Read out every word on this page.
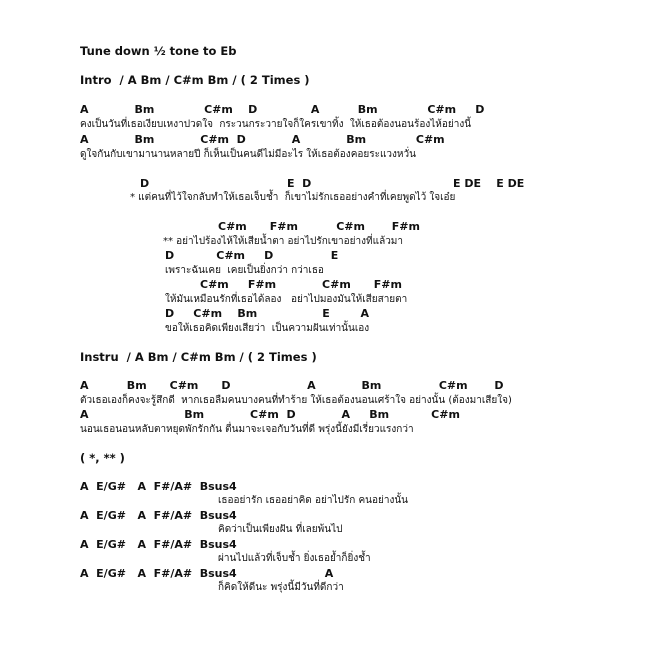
Tune down ½ tone to Eb
Intro  / A Bm / C#m Bm / ( 2 Times )
A            Bm             C#m    D              A          Bm             C#m     D
คงเป็นวันที่เธอเงียบเหงาปวดใจ  กระวนกระวายใจก็ใครเขาทิ้ง  ให้เธอต้องนอนร้องไห้อย่างนี้
A            Bm            C#m  D            A            Bm             C#m
ดูใจกันกับเขามานานหลายปี ก็เห็นเป็นคนดีไม่มีอะไร ให้เธอต้องคอยระแวงหวั่น
D                                    E  D                                     E DE    E DE
* แต่คนที่ไว้ใจกลับทำให้เธอเจ็บช้ำ  ก็เขาไม่รักเธออย่างคำที่เคยพูดไว้ ใจเอ๋ย
C#m      F#m          C#m       F#m
** อย่าไปร้องไห้ให้เสียน้ำตา อย่าไปรักเขาอย่างที่แล้วมา
D           C#m     D               E
เพราะฉันเคย  เคยเป็นยิ่งกว่า กว่าเธอ
C#m     F#m            C#m      F#m
ให้มันเหมือนรักที่เธอได้ลอง   อย่าไปมองมันให้เสียสายตา
D     C#m    Bm                 E        A
ขอให้เธอคิดเพียงเสียว่า  เป็นความฝันเท่านั้นเอง
Instru  / A Bm / C#m Bm / ( 2 Times )
A          Bm      C#m      D                    A            Bm               C#m       D
ตัวเธอเองก็คงจะรู้สึกดี  หากเธอลืมคนบางคนที่ทำร้าย ให้เธอต้องนอนเศร้าใจ อย่างนั้น (ต้องมาเสียใจ)
A                         Bm            C#m  D            A     Bm           C#m
นอนเธอนอนหลับตาหยุดพักรักกัน ตื่นมาจะเจอกับวันที่ดี พรุ่งนี้ยังมีเรี่ยวแรงกว่า
( *, ** )
A  E/G#   A  F#/A#  Bsus4
เธออย่ารัก เธออย่าคิด อย่าไปรัก คนอย่างนั้น
A  E/G#   A  F#/A#  Bsus4
คิดว่าเป็นเพียงฝัน ที่เลยพ้นไป
A  E/G#   A  F#/A#  Bsus4
ผ่านไปแล้วที่เจ็บช้ำ ยิ่งเธอย้ำก็ยิ่งช้ำ
A  E/G#   A  F#/A#  Bsus4                       A
ก็คิดให้ดีนะ พรุ่งนี้มีวันที่ดีกว่า
